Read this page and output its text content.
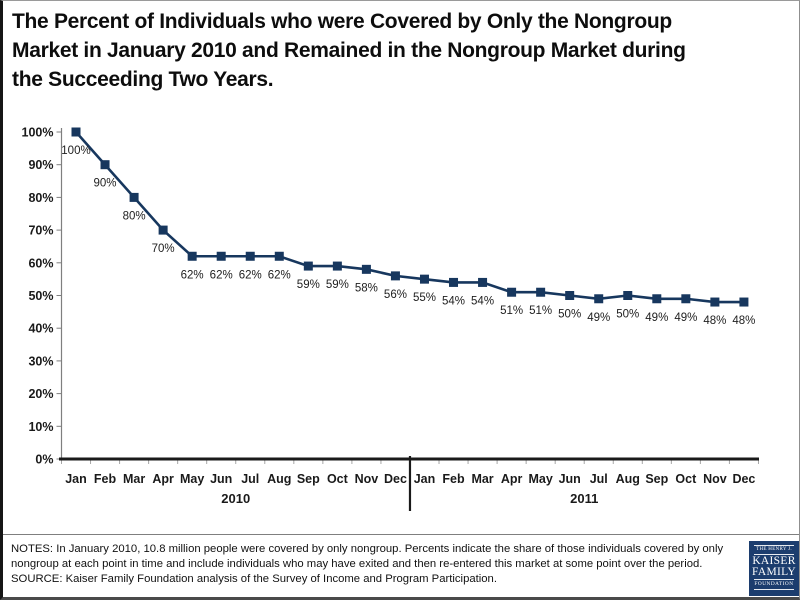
The Percent of Individuals who were Covered by Only the Nongroup
Market in January 2010 and Remained in the Nongroup Market during
the Succeeding Two Years.
0%
10%
20%
30%
40%
50%
60%
70%
80%
90%
100%
100%
Jan
90%
Feb
80%
Mar
70%
Apr
62%
May
62%
Jun
62%
Jul
62%
Aug
59%
Sep
59%
Oct
58%
Nov
56%
Dec
55%
Jan
54%
Feb
54%
Mar
51%
Apr
51%
May
50%
Jun
49%
Jul
50%
Aug
49%
Sep
49%
Oct
48%
Nov
48%
Dec
2010	2011

NOTES: In January 2010, 10.8 million people were covered by only nongroup. Percents indicate the share of those individuals covered by only nongroup at each point in time and include individuals who may have exited and then re-entered this market at some point over the period.

SOURCE: Kaiser Family Foundation analysis of the Survey of Income and Program Participation.

THE HENRY J.
KAISER
FAMILY
FOUNDATION
